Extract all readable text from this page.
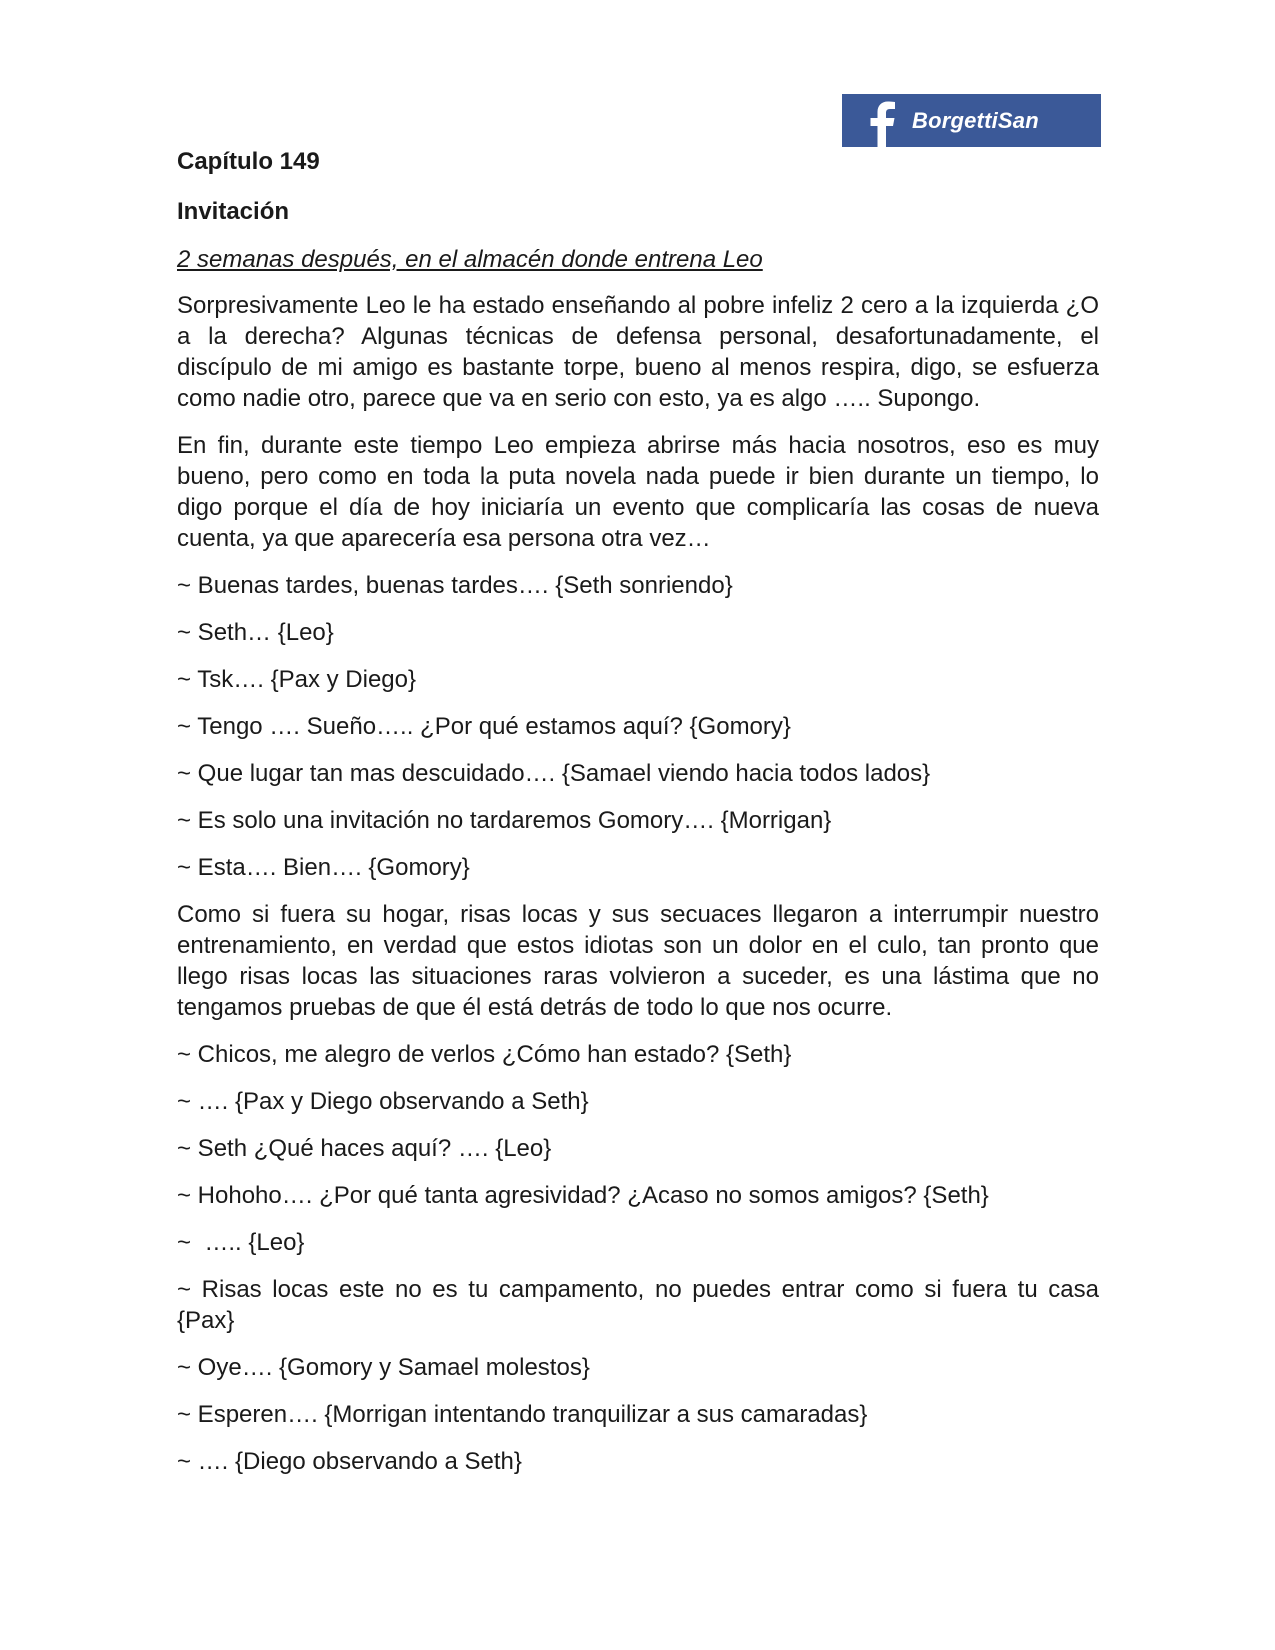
BorgettiSan

Capítulo 149

Invitación

2 semanas después, en el almacén donde entrena Leo

Sorpresivamente Leo le ha estado enseñando al pobre infeliz 2 cero a la izquierda ¿O a la derecha? Algunas técnicas de defensa personal, desafortunadamente, el discípulo de mi amigo es bastante torpe, bueno al menos respira, digo, se esfuerza como nadie otro, parece que va en serio con esto, ya es algo ….. Supongo.

En fin, durante este tiempo Leo empieza abrirse más hacia nosotros, eso es muy bueno, pero como en toda la puta novela nada puede ir bien durante un tiempo, lo digo porque el día de hoy iniciaría un evento que complicaría las cosas de nueva cuenta, ya que aparecería esa persona otra vez…

~ Buenas tardes, buenas tardes…. {Seth sonriendo}

~ Seth… {Leo}

~ Tsk…. {Pax y Diego}

~ Tengo …. Sueño….. ¿Por qué estamos aquí? {Gomory}

~ Que lugar tan mas descuidado…. {Samael viendo hacia todos lados}

~ Es solo una invitación no tardaremos Gomory…. {Morrigan}

~ Esta…. Bien…. {Gomory}

Como si fuera su hogar, risas locas y sus secuaces llegaron a interrumpir nuestro entrenamiento, en verdad que estos idiotas son un dolor en el culo, tan pronto que llego risas locas las situaciones raras volvieron a suceder, es una lástima que no tengamos pruebas de que él está detrás de todo lo que nos ocurre.

~ Chicos, me alegro de verlos ¿Cómo han estado? {Seth}

~ …. {Pax y Diego observando a Seth}

~ Seth ¿Qué haces aquí? …. {Leo}

~ Hohoho…. ¿Por qué tanta agresividad? ¿Acaso no somos amigos? {Seth}

~  ….. {Leo}

~ Risas locas este no es tu campamento, no puedes entrar como si fuera tu casa {Pax}

~ Oye…. {Gomory y Samael molestos}

~ Esperen…. {Morrigan intentando tranquilizar a sus camaradas}

~ …. {Diego observando a Seth}
